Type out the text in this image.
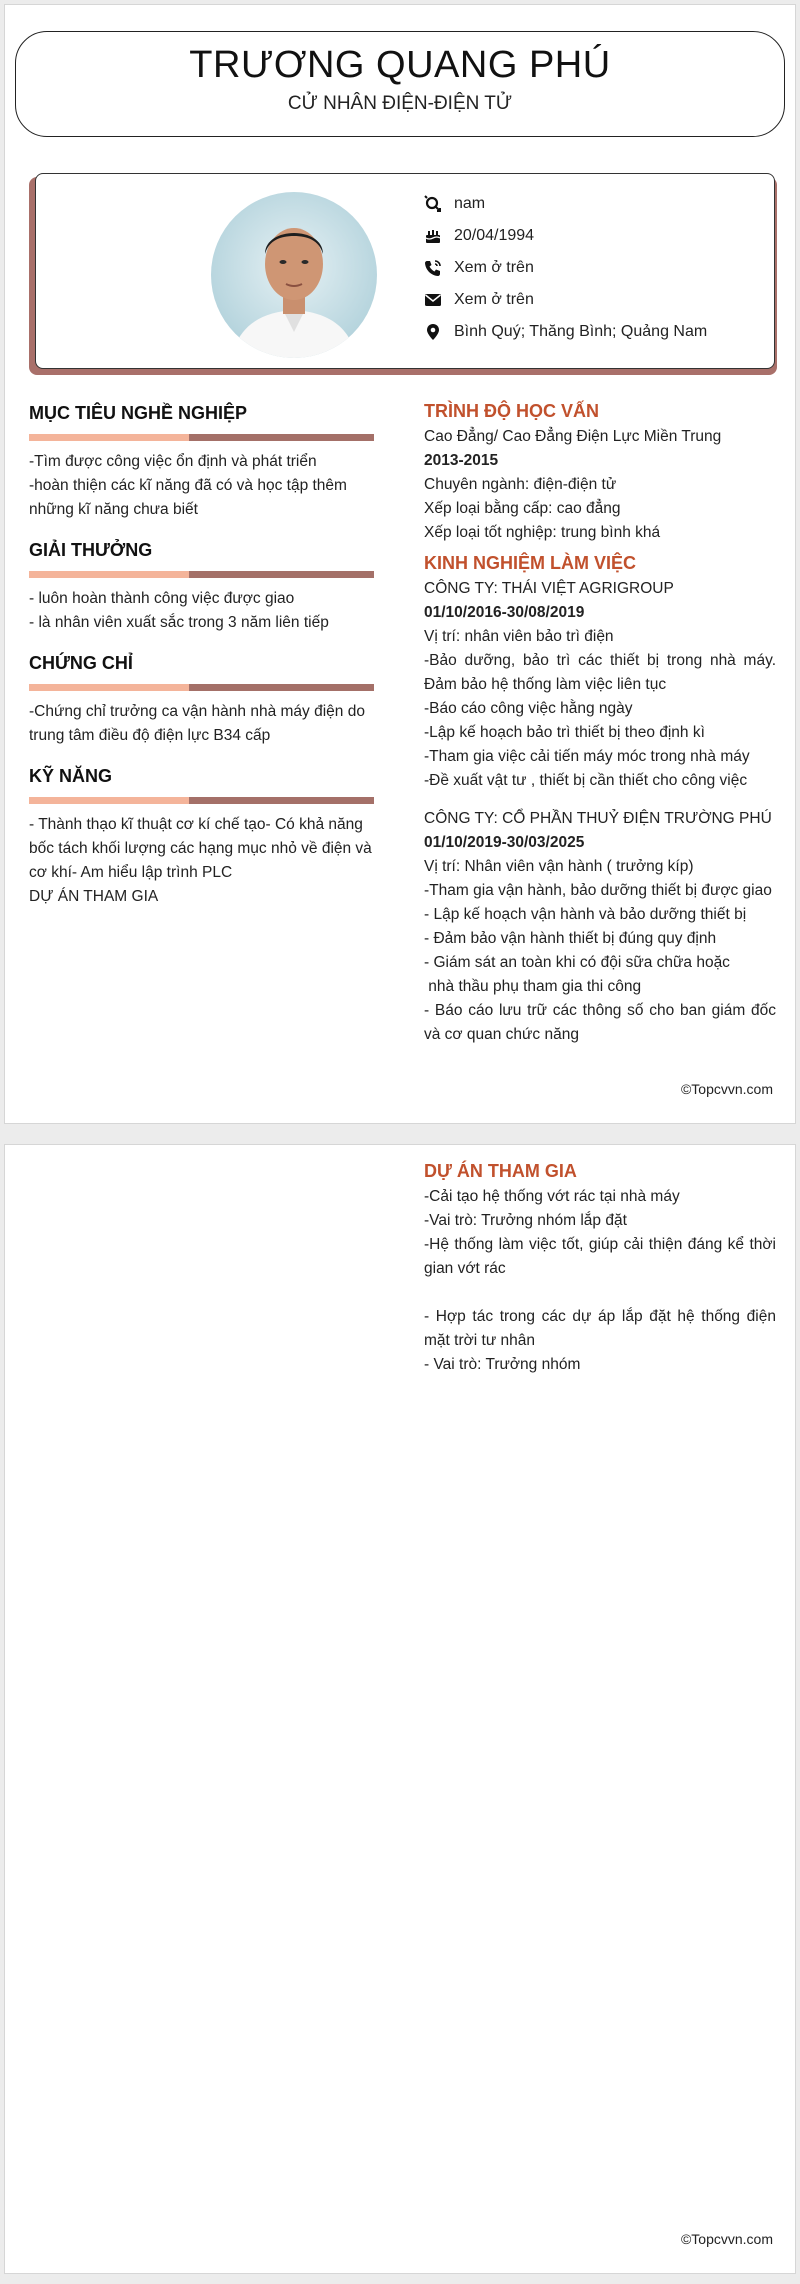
TRƯƠNG QUANG PHÚ
CỬ NHÂN ĐIỆN-ĐIỆN TỬ
nam
20/04/1994
Xem ở trên
Xem ở trên
Bình Quý; Thăng Bình; Quảng Nam
MỤC TIÊU NGHỀ NGHIỆP
-Tìm được công việc ổn định và phát triển
-hoàn thiện các kĩ năng đã có và học tập thêm những kĩ năng chưa biết
GIẢI THƯỞNG
- luôn hoàn thành công việc được giao
- là nhân viên xuất sắc trong 3 năm liên tiếp
CHỨNG CHỈ
-Chứng chỉ trưởng ca vận hành nhà máy điện do trung tâm điều độ điện lực B34 cấp
KỸ NĂNG
- Thành thạo kĩ thuật cơ kí chế tạo- Có khả năng bốc tách khối lượng các hạng mục nhỏ về điện và cơ khí- Am hiểu lập trình PLC
DỰ ÁN THAM GIA
TRÌNH ĐỘ HỌC VẤN
Cao Đẳng/ Cao Đẳng Điện Lực Miền Trung
2013-2015
Chuyên ngành: điện-điện tử
Xếp loại bằng cấp: cao đẳng
Xếp loại tốt nghiệp: trung bình khá
KINH NGHIỆM LÀM VIỆC
CÔNG TY: THÁI VIỆT AGRIGROUP
01/10/2016-30/08/2019
Vị trí: nhân viên bảo trì điện
-Bảo dưỡng, bảo trì các thiết bị trong nhà máy. Đảm bảo hệ thống làm việc liên tục
-Báo cáo công việc hằng ngày
-Lập kế hoạch bảo trì thiết bị theo định kì
-Tham gia việc cải tiến máy móc trong nhà máy
-Đề xuất vật tư , thiết bị cần thiết cho công việc
CÔNG TY: CỔ PHẦN THUỶ ĐIỆN TRƯỜNG PHÚ
01/10/2019-30/03/2025
Vị trí: Nhân viên vận hành ( trưởng kíp)
-Tham gia vận hành, bảo dưỡng thiết bị được giao
- Lập kế hoạch vận hành và bảo dưỡng thiết bị
- Đảm bảo vận hành thiết bị đúng quy định
- Giám sát an toàn khi có đội sữa chữa hoặc
nhà thầu phụ tham gia thi công
- Báo cáo lưu trữ các thông số cho ban giám đốc và cơ quan chức năng
©Topcvvn.com
DỰ ÁN THAM GIA
-Cải tạo hệ thống vớt rác tại nhà máy
-Vai trò: Trưởng nhóm lắp đặt
-Hệ thống làm việc tốt, giúp cải thiện đáng kể thời gian vớt rác
- Hợp tác trong các dự áp lắp đặt hệ thống điện mặt trời tư nhân
- Vai trò: Trưởng nhóm
©Topcvvn.com
